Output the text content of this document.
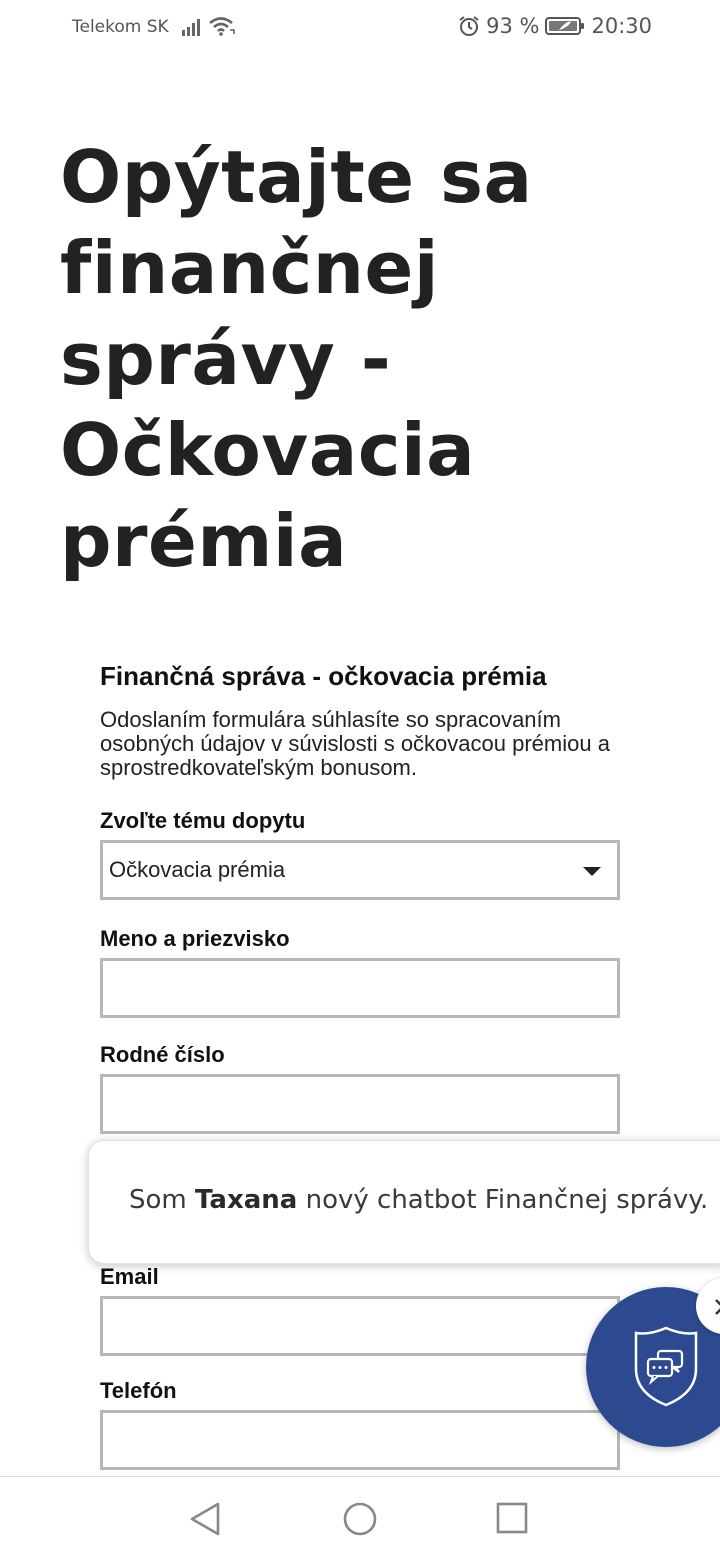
Telekom SK	93 % 20:30
Opýtajte sa finančnej správy - Očkovacia prémia
Finančná správa - očkovacia prémia

Odoslaním formulára súhlasíte so spracovaním osobných údajov v súvislosti s očkovacou prémiou a sprostredkovateľským bonusom.

Zvoľte tému dopytu
Očkovacia prémia
Meno a priezvisko
Rodné číslo
Email
Telefón
Som Taxana nový chatbot Finančnej správy.
